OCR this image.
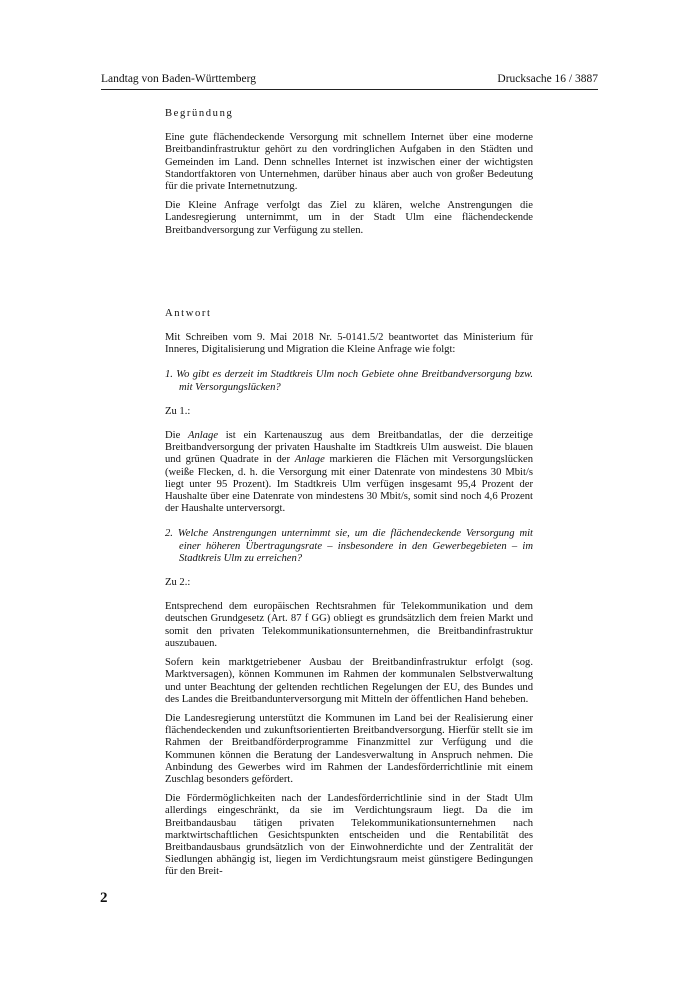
Landtag von Baden-Württemberg	Drucksache 16 / 3887
Begründung

Eine gute flächendeckende Versorgung mit schnellem Internet über eine moderne Breitbandinfrastruktur gehört zu den vordringlichen Aufgaben in den Städten und Gemeinden im Land. Denn schnelles Internet ist inzwischen einer der wichtigsten Standortfaktoren von Unternehmen, darüber hinaus aber auch von großer Bedeutung für die private Internetnutzung.

Die Kleine Anfrage verfolgt das Ziel zu klären, welche Anstrengungen die Landesregierung unternimmt, um in der Stadt Ulm eine flächendeckende Breitbandversorgung zur Verfügung zu stellen.

Antwort

Mit Schreiben vom 9. Mai 2018 Nr. 5-0141.5/2 beantwortet das Ministerium für Inneres, Digitalisierung und Migration die Kleine Anfrage wie folgt:

1. Wo gibt es derzeit im Stadtkreis Ulm noch Gebiete ohne Breitbandversorgung bzw. mit Versorgungslücken?

Zu 1.:

Die Anlage ist ein Kartenauszug aus dem Breitbandatlas, der die derzeitige Breitbandversorgung der privaten Haushalte im Stadtkreis Ulm ausweist. Die blauen und grünen Quadrate in der Anlage markieren die Flächen mit Versorgungslücken (weiße Flecken, d. h. die Versorgung mit einer Datenrate von mindestens 30 Mbit/s liegt unter 95 Prozent). Im Stadtkreis Ulm verfügen insgesamt 95,4 Prozent der Haushalte über eine Datenrate von mindestens 30 Mbit/s, somit sind noch 4,6 Prozent der Haushalte unterversorgt.

2. Welche Anstrengungen unternimmt sie, um die flächendeckende Versorgung mit einer höheren Übertragungsrate – insbesondere in den Gewerbegebieten – im Stadtkreis Ulm zu erreichen?

Zu 2.:

Entsprechend dem europäischen Rechtsrahmen für Telekommunikation und dem deutschen Grundgesetz (Art. 87 f GG) obliegt es grundsätzlich dem freien Markt und somit den privaten Telekommunikationsunternehmen, die Breitbandinfrastruktur auszubauen.

Sofern kein marktgetriebener Ausbau der Breitbandinfrastruktur erfolgt (sog. Marktversagen), können Kommunen im Rahmen der kommunalen Selbstverwaltung und unter Beachtung der geltenden rechtlichen Regelungen der EU, des Bundes und des Landes die Breitbandunterversorgung mit Mitteln der öffentlichen Hand beheben.

Die Landesregierung unterstützt die Kommunen im Land bei der Realisierung einer flächendeckenden und zukunftsorientierten Breitbandversorgung. Hierfür stellt sie im Rahmen der Breitbandförderprogramme Finanzmittel zur Verfügung und die Kommunen können die Beratung der Landesverwaltung in Anspruch nehmen. Die Anbindung des Gewerbes wird im Rahmen der Landesförderrichtlinie mit einem Zuschlag besonders gefördert.

Die Fördermöglichkeiten nach der Landesförderrichtlinie sind in der Stadt Ulm allerdings eingeschränkt, da sie im Verdichtungsraum liegt. Da die im Breitbandausbau tätigen privaten Telekommunikationsunternehmen nach marktwirtschaftlichen Gesichtspunkten entscheiden und die Rentabilität des Breitbandausbaus grundsätzlich von der Einwohnerdichte und der Zentralität der Siedlungen abhängig ist, liegen im Verdichtungsraum meist günstigere Bedingungen für den Breit-

2
